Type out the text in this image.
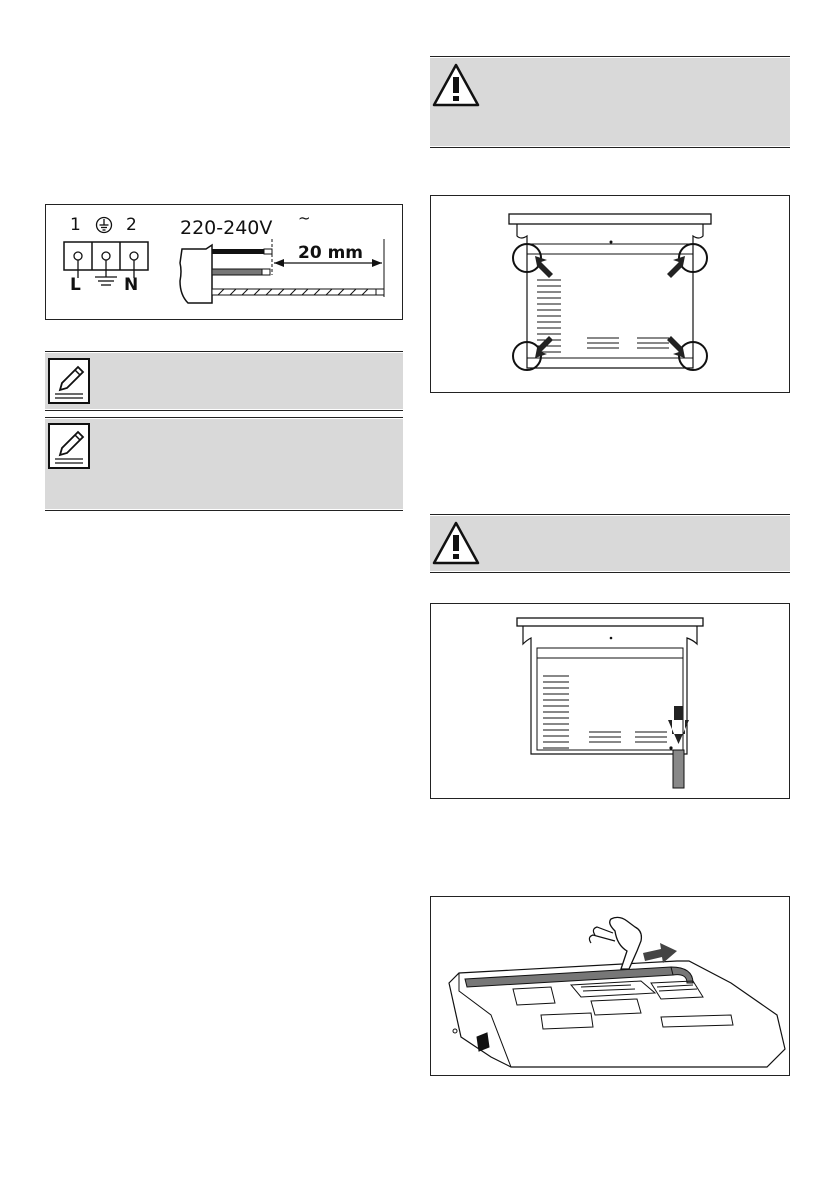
1	2
L	N
220-240V ~
20 mm
